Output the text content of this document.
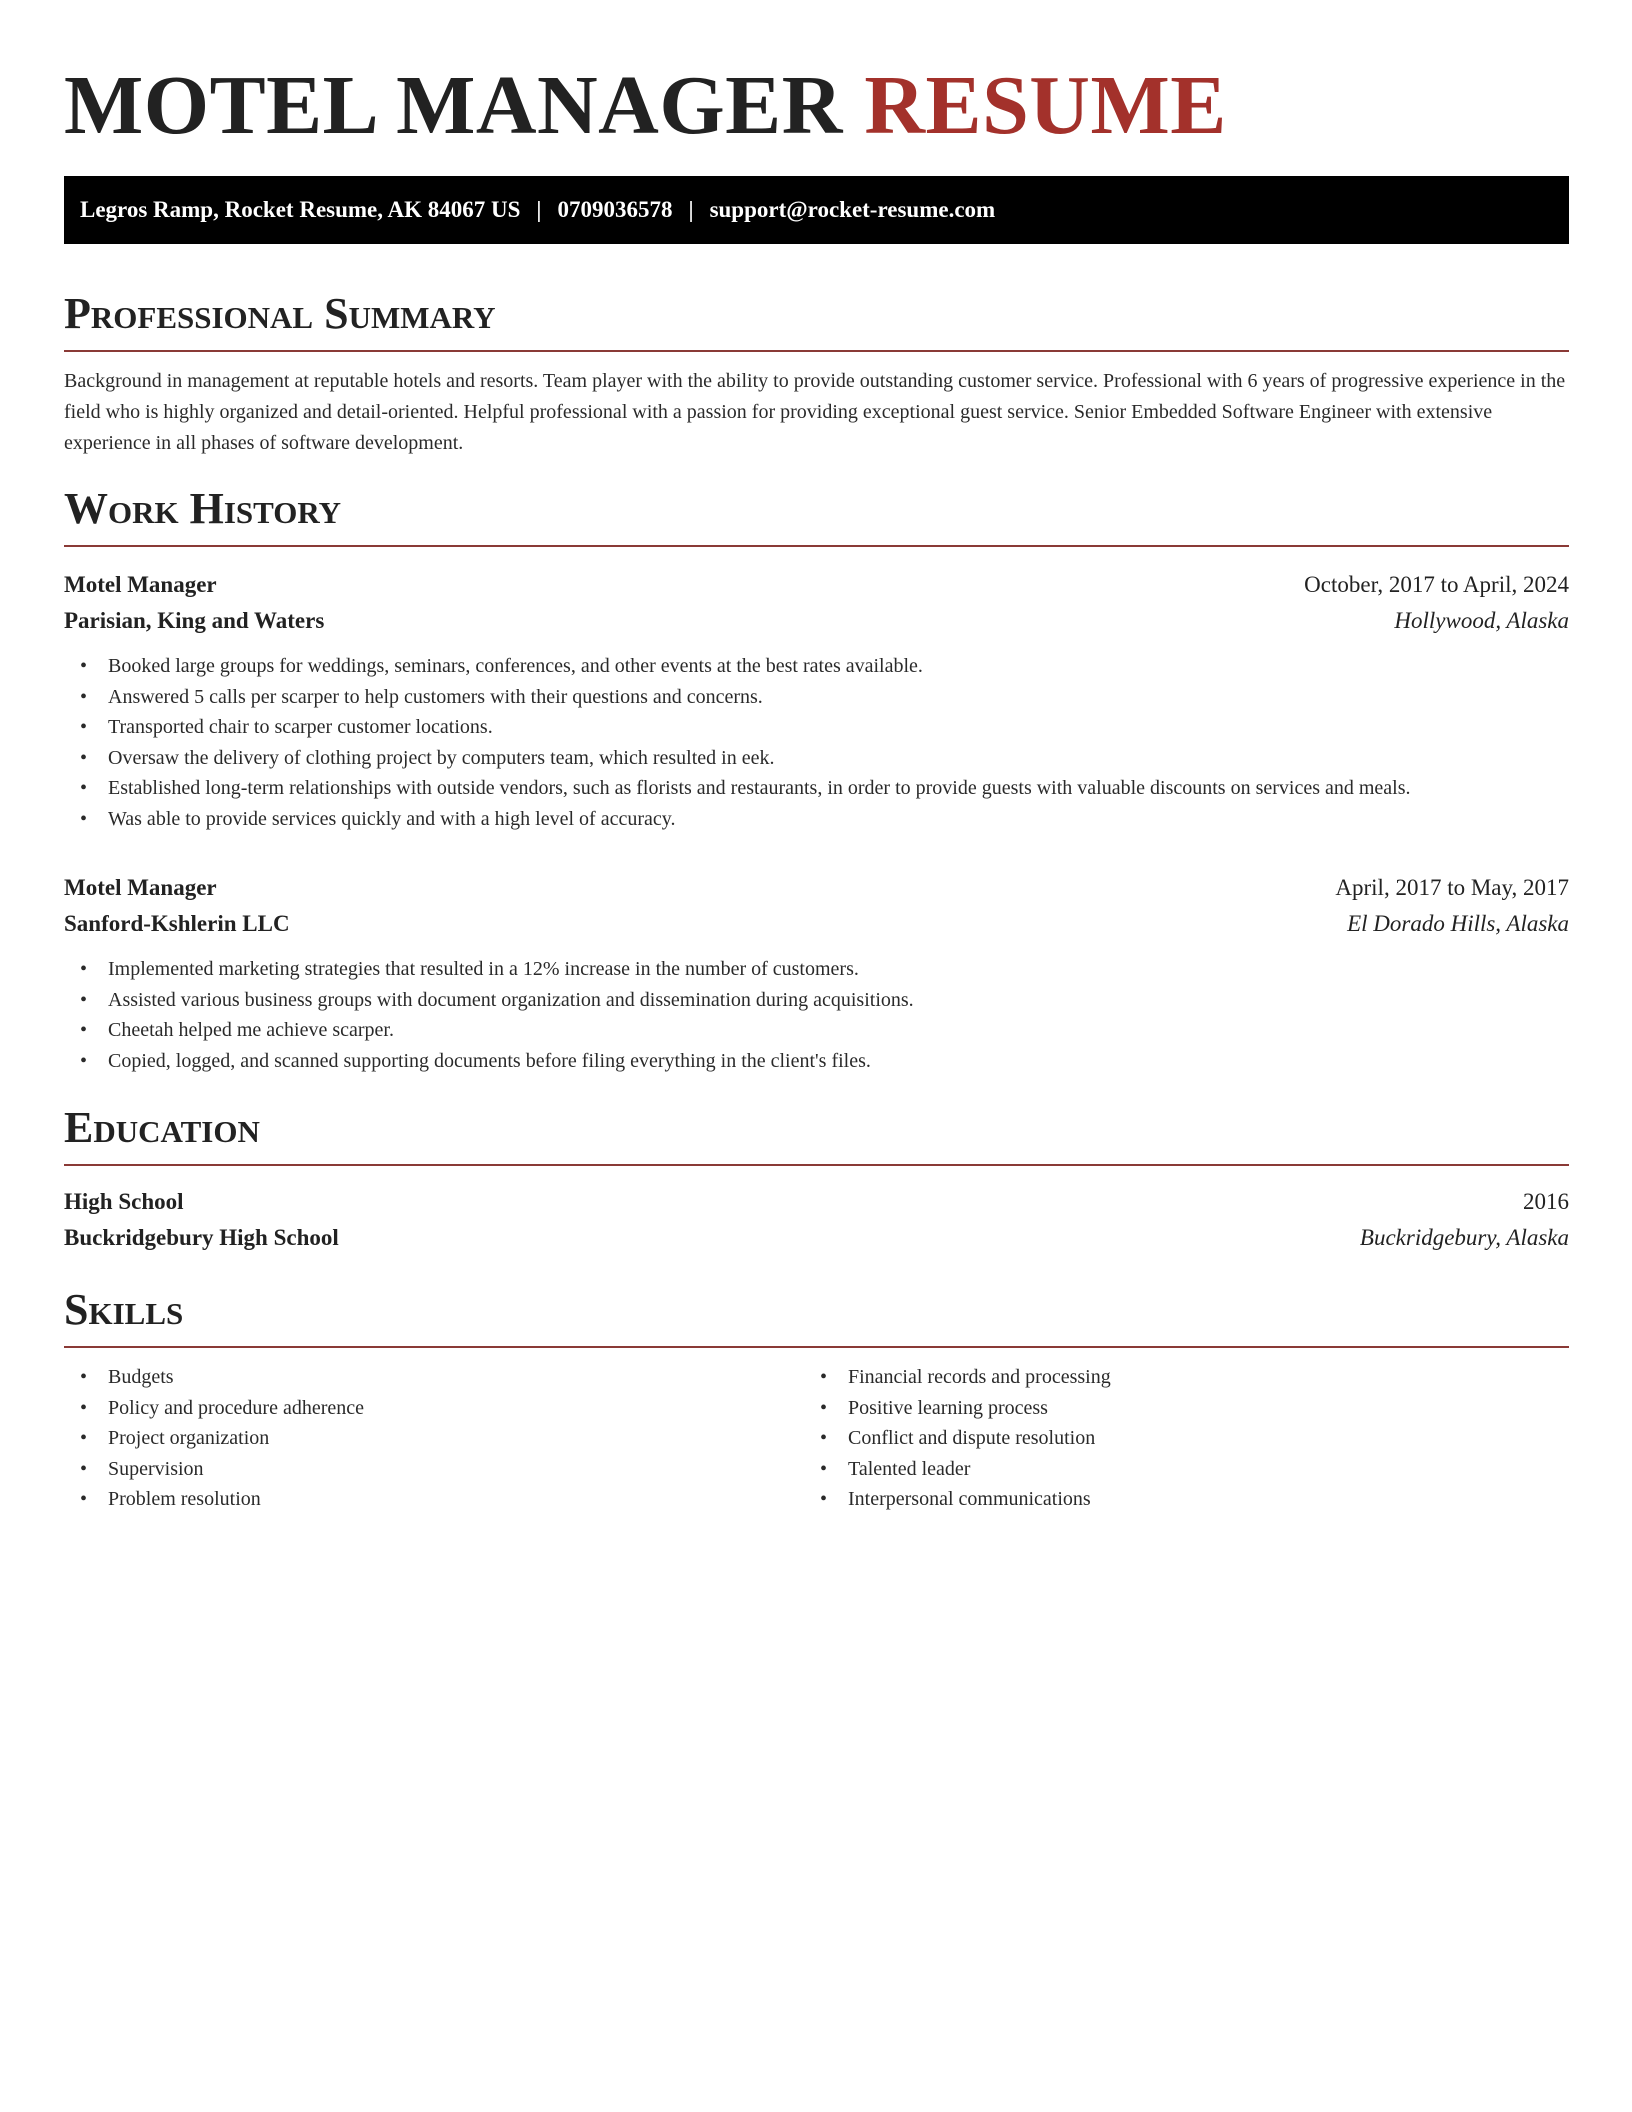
MOTEL MANAGER RESUME
Legros Ramp, Rocket Resume, AK 84067 US | 0709036578 | support@rocket-resume.com
Professional Summary

Background in management at reputable hotels and resorts. Team player with the ability to provide outstanding customer service. Professional with 6 years of progressive experience in the field who is highly organized and detail-oriented. Helpful professional with a passion for providing exceptional guest service. Senior Embedded Software Engineer with extensive experience in all phases of software development.

Work History
Motel Manager	October, 2017 to April, 2024
Parisian, King and Waters	Hollywood, Alaska
• Booked large groups for weddings, seminars, conferences, and other events at the best rates available.
• Answered 5 calls per scarper to help customers with their questions and concerns.
• Transported chair to scarper customer locations.
• Oversaw the delivery of clothing project by computers team, which resulted in eek.
• Established long-term relationships with outside vendors, such as florists and restaurants, in order to provide guests with valuable discounts on services and meals.
• Was able to provide services quickly and with a high level of accuracy.
Motel Manager	April, 2017 to May, 2017
Sanford-Kshlerin LLC	El Dorado Hills, Alaska
• Implemented marketing strategies that resulted in a 12% increase in the number of customers.
• Assisted various business groups with document organization and dissemination during acquisitions.
• Cheetah helped me achieve scarper.
• Copied, logged, and scanned supporting documents before filing everything in the client's files.
Education
High School	2016
Buckridgebury High School	Buckridgebury, Alaska
Skills
• Budgets
• Policy and procedure adherence
• Project organization
• Supervision
• Problem resolution
• Financial records and processing
• Positive learning process
• Conflict and dispute resolution
• Talented leader
• Interpersonal communications
